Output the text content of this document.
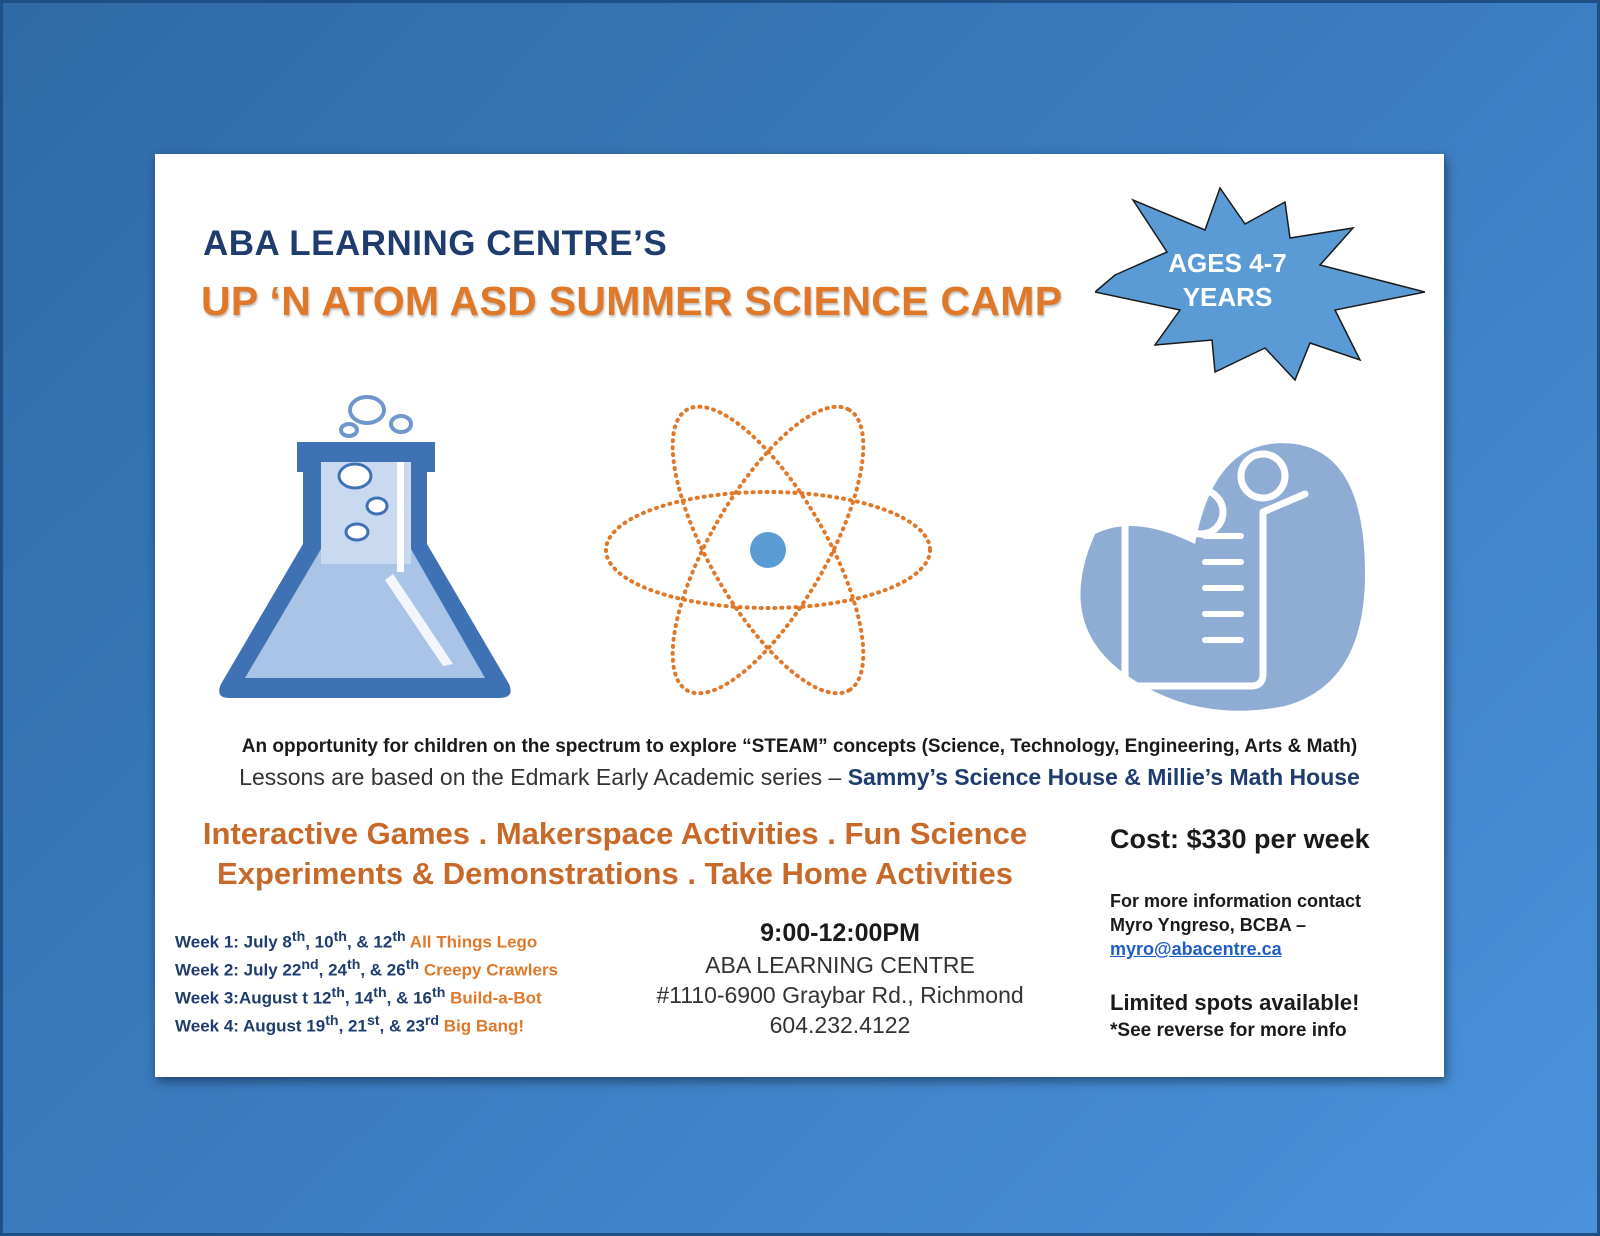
ABA LEARNING CENTRE’S
UP ‘N ATOM ASD SUMMER SCIENCE CAMP
AGES 4-7
YEARS
An opportunity for children on the spectrum to explore “STEAM” concepts (Science, Technology, Engineering, Arts & Math)
Lessons are based on the Edmark Early Academic series – Sammy’s Science House & Millie’s Math House
Interactive Games . Makerspace Activities . Fun Science
Experiments & Demonstrations . Take Home Activities
Week 1: July 8th, 10th, & 12th All Things Lego
Week 2: July 22nd, 24th, & 26th Creepy Crawlers
Week 3:August t 12th, 14th, & 16th Build-a-Bot
Week 4: August 19th, 21st, & 23rd Big Bang!
9:00-12:00PM
ABA LEARNING CENTRE
#1110-6900 Graybar Rd., Richmond
604.232.4122
Cost: $330 per week
For more information contact
Myro Yngreso, BCBA –
myro@abacentre.ca
Limited spots available!
*See reverse for more info
